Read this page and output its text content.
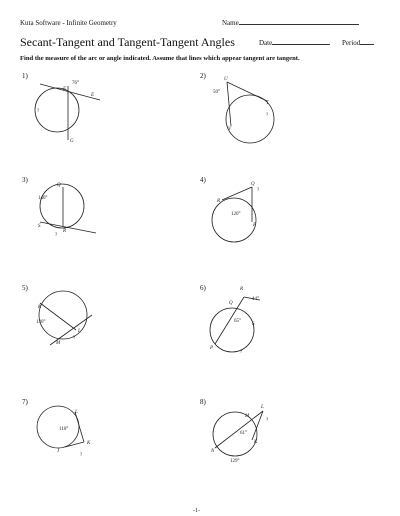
Kuta Software - Infinite Geometry	Name
Secant-Tangent and Tangent-Tangent Angles	Date	Period
Find the measure of the arc or angle indicated. Assume that lines which appear tangent are tangent.
1)	2)
3)	4)
5)	6)
7)	8)
76°
F
E
G
?
50°
U
T
V
?
140°
Q
R
S
?
120°
Q
R
P
?
130°
K
L
M
?
44°
65°
R
Q
S
P
?
110°
L
K
J
?
61°
129°
L
M
K
N
?
-1-
